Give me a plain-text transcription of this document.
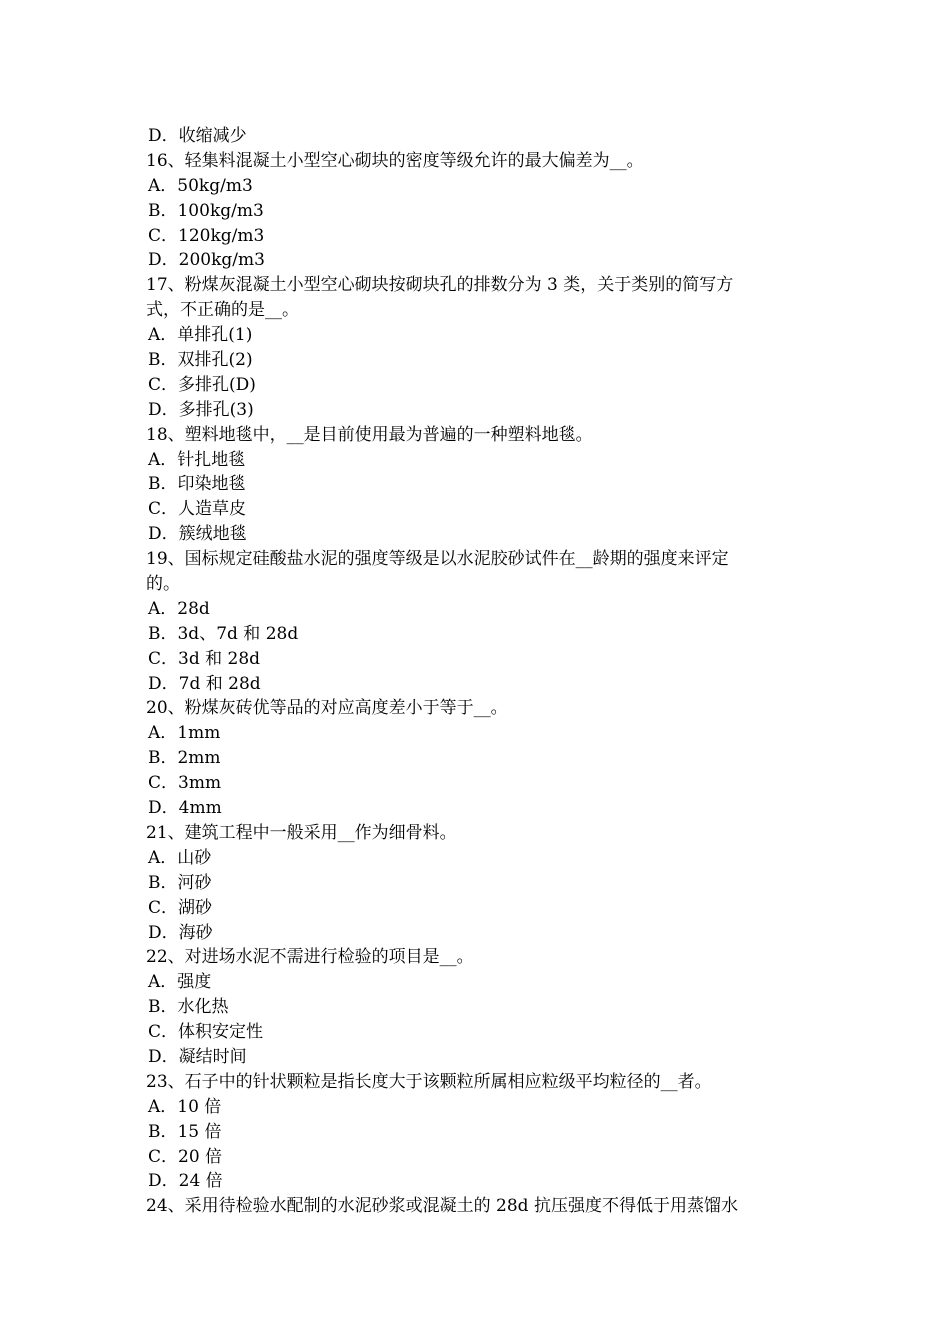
D．收缩减少
16、轻集料混凝土小型空心砌块的密度等级允许的最大偏差为__。
A．50kg/m3
B．100kg/m3
C．120kg/m3
D．200kg/m3
17、粉煤灰混凝土小型空心砌块按砌块孔的排数分为 3 类，关于类别的简写方
式，不正确的是__。
A．单排孔(1)
B．双排孔(2)
C．多排孔(D)
D．多排孔(3)
18、塑料地毯中，__是目前使用最为普遍的一种塑料地毯。
A．针扎地毯
B．印染地毯
C．人造草皮
D．簇绒地毯
19、国标规定硅酸盐水泥的强度等级是以水泥胶砂试件在__龄期的强度来评定
的。
A．28d
B．3d、7d 和 28d
C．3d 和 28d
D．7d 和 28d
20、粉煤灰砖优等品的对应高度差小于等于__。
A．1mm
B．2mm
C．3mm
D．4mm
21、建筑工程中一般采用__作为细骨料。
A．山砂
B．河砂
C．湖砂
D．海砂
22、对进场水泥不需进行检验的项目是__。
A．强度
B．水化热
C．体积安定性
D．凝结时间
23、石子中的针状颗粒是指长度大于该颗粒所属相应粒级平均粒径的__者。
A．10 倍
B．15 倍
C．20 倍
D．24 倍
24、采用待检验水配制的水泥砂浆或混凝土的 28d 抗压强度不得低于用蒸馏水
